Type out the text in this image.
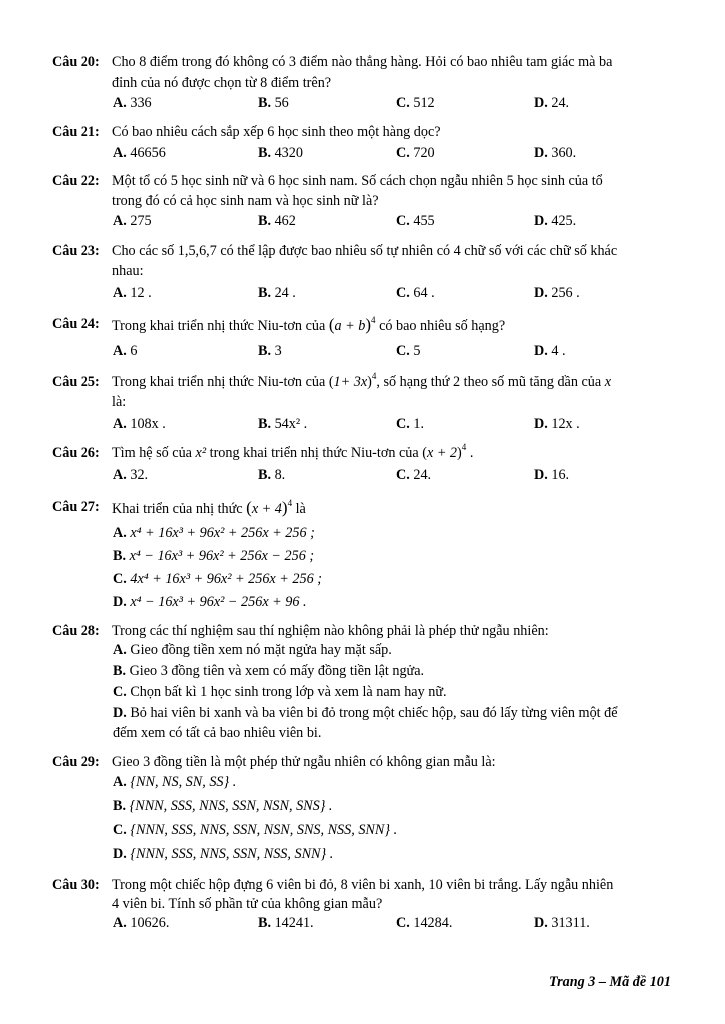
Câu 20: Cho 8 điểm trong đó không có 3 điểm nào thẳng hàng. Hỏi có bao nhiêu tam giác mà ba
đỉnh của nó được chọn từ 8 điểm trên?
A. 336	B. 56	C. 512	D. 24.
Câu 21: Có bao nhiêu cách sắp xếp 6 học sinh theo một hàng dọc?
A. 46656	B. 4320	C. 720	D. 360.
Câu 22: Một tổ có 5 học sinh nữ và 6 học sinh nam. Số cách chọn ngẫu nhiên 5 học sinh của tổ
trong đó có cả học sinh nam và học sinh nữ là?
A. 275	B. 462	C. 455	D. 425.
Câu 23: Cho các số 1,5,6,7 có thể lập được bao nhiêu số tự nhiên có 4 chữ số với các chữ số khác
nhau:
A. 12 .	B. 24 .	C. 64 .	D. 256 .
Câu 24: Trong khai triển nhị thức Niu-tơn của $(a + b)^4$ có bao nhiêu số hạng?
A. 6	B. 3	C. 5	D. 4 .
Câu 25: Trong khai triển nhị thức Niu-tơn của $(1+ 3x)^4$, số hạng thứ 2 theo số mũ tăng dần của x
là:
A. 108x .	B. 54x² .	C. 1.	D. 12x .
Câu 26: Tìm hệ số của x² trong khai triển nhị thức Niu-tơn của $(x + 2)^4$ .
A. 32.	B. 8.	C. 24.	D. 16.
Câu 27: Khai triển của nhị thức $(x + 4)^4$ là
A. x⁴ + 16x³ + 96x² + 256x + 256 ;
B. x⁴ − 16x³ + 96x² + 256x − 256 ;
C. 4x⁴ + 16x³ + 96x² + 256x + 256 ;
D. x⁴ − 16x³ + 96x² − 256x + 96 .
Câu 28: Trong các thí nghiệm sau thí nghiệm nào không phải là phép thử ngẫu nhiên:
A. Gieo đồng tiền xem nó mặt ngửa hay mặt sấp.
B. Gieo 3 đồng tiên và xem có mấy đồng tiền lật ngửa.
C. Chọn bất kì 1 học sinh trong lớp và xem là nam hay nữ.
D. Bỏ hai viên bi xanh và ba viên bi đỏ trong một chiếc hộp, sau đó lấy từng viên một để
đếm xem có tất cả bao nhiêu viên bi.
Câu 29: Gieo 3 đồng tiền là một phép thử ngẫu nhiên có không gian mẫu là:
A. {NN, NS, SN, SS} .
B. {NNN, SSS, NNS, SSN, NSN, SNS} .
C. {NNN, SSS, NNS, SSN, NSN, SNS, NSS, SNN} .
D. {NNN, SSS, NNS, SSN, NSS, SNN} .
Câu 30: Trong một chiếc hộp đựng 6 viên bi đỏ, 8 viên bi xanh, 10 viên bi trắng. Lấy ngẫu nhiên
4 viên bi. Tính số phần tử của không gian mẫu?
A. 10626.	B. 14241.	C. 14284.	D. 31311.
Trang 3 – Mã đề 101
